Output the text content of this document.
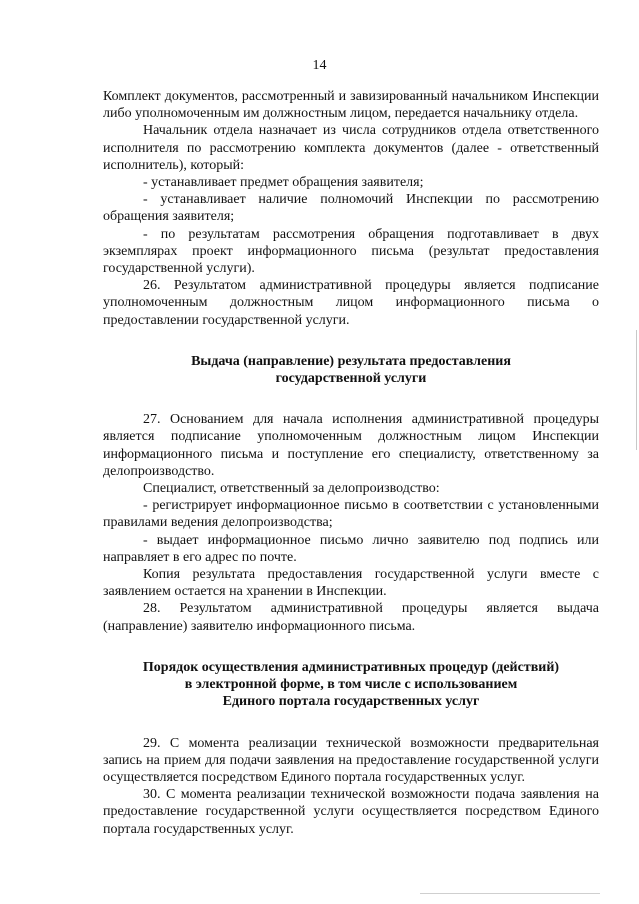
14

Комплект документов, рассмотренный и завизированный начальником Инспекции либо уполномоченным им должностным лицом, передается начальнику отдела.

Начальник отдела назначает из числа сотрудников отдела ответственного исполнителя по рассмотрению комплекта документов (далее - ответственный исполнитель), который:

- устанавливает предмет обращения заявителя;

- устанавливает наличие полномочий Инспекции по рассмотрению обращения заявителя;

- по результатам рассмотрения обращения подготавливает в двух экземплярах проект информационного письма (результат предоставления государственной услуги).

26. Результатом административной процедуры является подписание уполномоченным должностным лицом информационного письма о предоставлении государственной услуги.

Выдача (направление) результата предоставления

государственной услуги

27. Основанием для начала исполнения административной процедуры является подписание уполномоченным должностным лицом Инспекции информационного письма и поступление его специалисту, ответственному за делопроизводство.

Специалист, ответственный за делопроизводство:

- регистрирует информационное письмо в соответствии с установленными правилами ведения делопроизводства;

- выдает информационное письмо лично заявителю под подпись или направляет в его адрес по почте.

Копия результата предоставления государственной услуги вместе с заявлением остается на хранении в Инспекции.

28. Результатом административной процедуры является выдача (направление) заявителю информационного письма.

Порядок осуществления административных процедур (действий)

в электронной форме, в том числе с использованием

Единого портала государственных услуг

29. С момента реализации технической возможности предварительная запись на прием для подачи заявления на предоставление государственной услуги осуществляется посредством Единого портала государственных услуг.

30. С момента реализации технической возможности подача заявления на предоставление государственной услуги осуществляется посредством Единого портала государственных услуг.
